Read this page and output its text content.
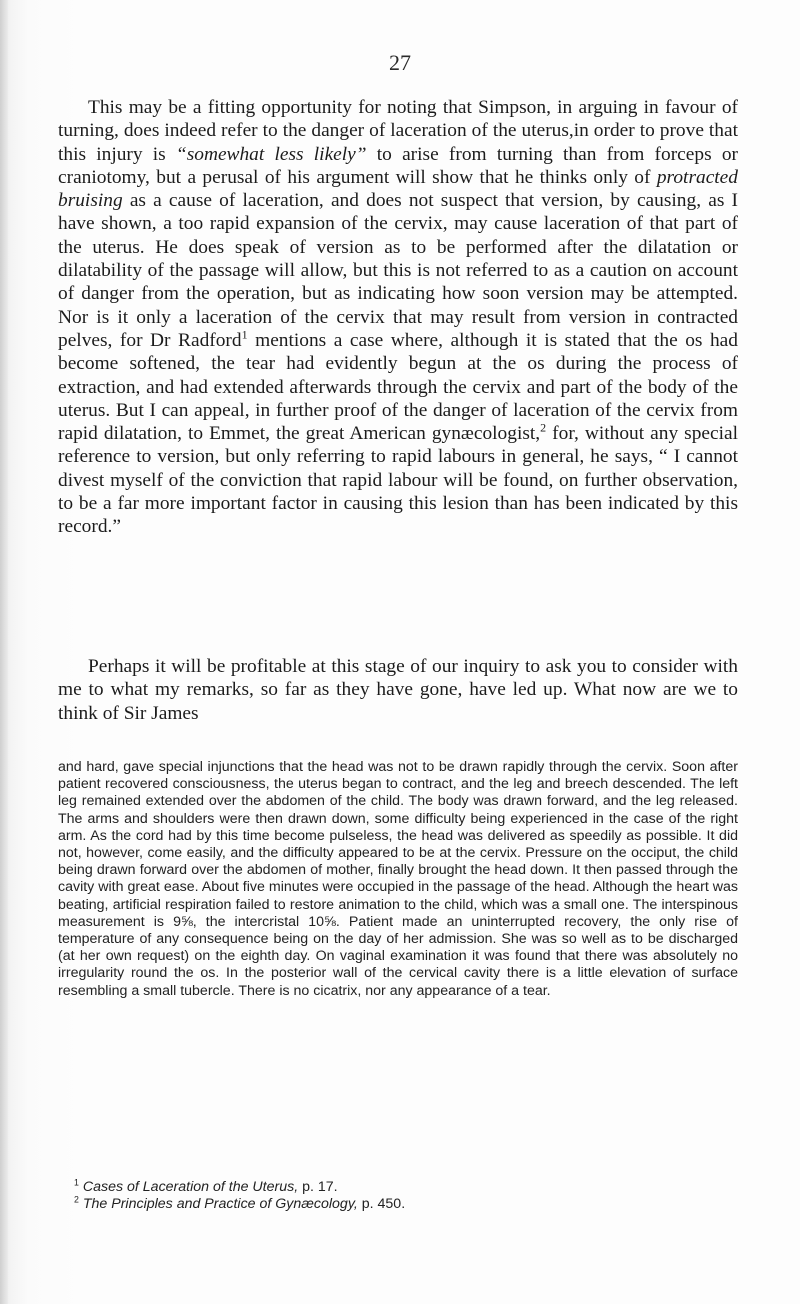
27

This may be a fitting opportunity for noting that Simpson, in arguing in favour of turning, does indeed refer to the danger of laceration of the uterus,in order to prove that this injury is “somewhat less likely” to arise from turning than from forceps or craniotomy, but a perusal of his argument will show that he thinks only of protracted bruising as a cause of laceration, and does not suspect that version, by causing, as I have shown, a too rapid expansion of the cervix, may cause laceration of that part of the uterus. He does speak of version as to be performed after the dilatation or dilatability of the passage will allow, but this is not referred to as a caution on account of danger from the operation, but as indicating how soon version may be attempted. Nor is it only a laceration of the cervix that may result from version in contracted pelves, for Dr Radford$^1$ mentions a case where, although it is stated that the os had become softened, the tear had evidently begun at the os during the process of extraction, and had extended afterwards through the cervix and part of the body of the uterus. But I can appeal, in further proof of the danger of laceration of the cervix from rapid dilatation, to Emmet, the great American gynæcologist,$^2$ for, without any special reference to version, but only referring to rapid labours in general, he says, “ I cannot divest myself of the conviction that rapid labour will be found, on further observation, to be a far more important factor in causing this lesion than has been indicated by this record.”

Perhaps it will be profitable at this stage of our inquiry to ask you to consider with me to what my remarks, so far as they have gone, have led up. What now are we to think of Sir James

and hard, gave special injunctions that the head was not to be drawn rapidly through the cervix. Soon after patient recovered consciousness, the uterus began to contract, and the leg and breech descended. The left leg remained extended over the abdomen of the child. The body was drawn forward, and the leg released. The arms and shoulders were then drawn down, some difficulty being experienced in the case of the right arm. As the cord had by this time become pulseless, the head was delivered as speedily as possible. It did not, however, come easily, and the difficulty appeared to be at the cervix. Pressure on the occiput, the child being drawn forward over the abdomen of mother, finally brought the head down. It then passed through the cavity with great ease. About five minutes were occupied in the passage of the head. Although the heart was beating, artificial respiration failed to restore animation to the child, which was a small one. The interspinous measurement is 9⅝, the intercristal 10⅝. Patient made an uninterrupted recovery, the only rise of temperature of any consequence being on the day of her admission. She was so well as to be discharged (at her own request) on the eighth day. On vaginal examination it was found that there was absolutely no irregularity round the os. In the posterior wall of the cervical cavity there is a little elevation of surface resembling a small tubercle. There is no cicatrix, nor any appearance of a tear.

$^1$ Cases of Laceration of the Uterus, p. 17.
$^2$ The Principles and Practice of Gynæcology, p. 450.
